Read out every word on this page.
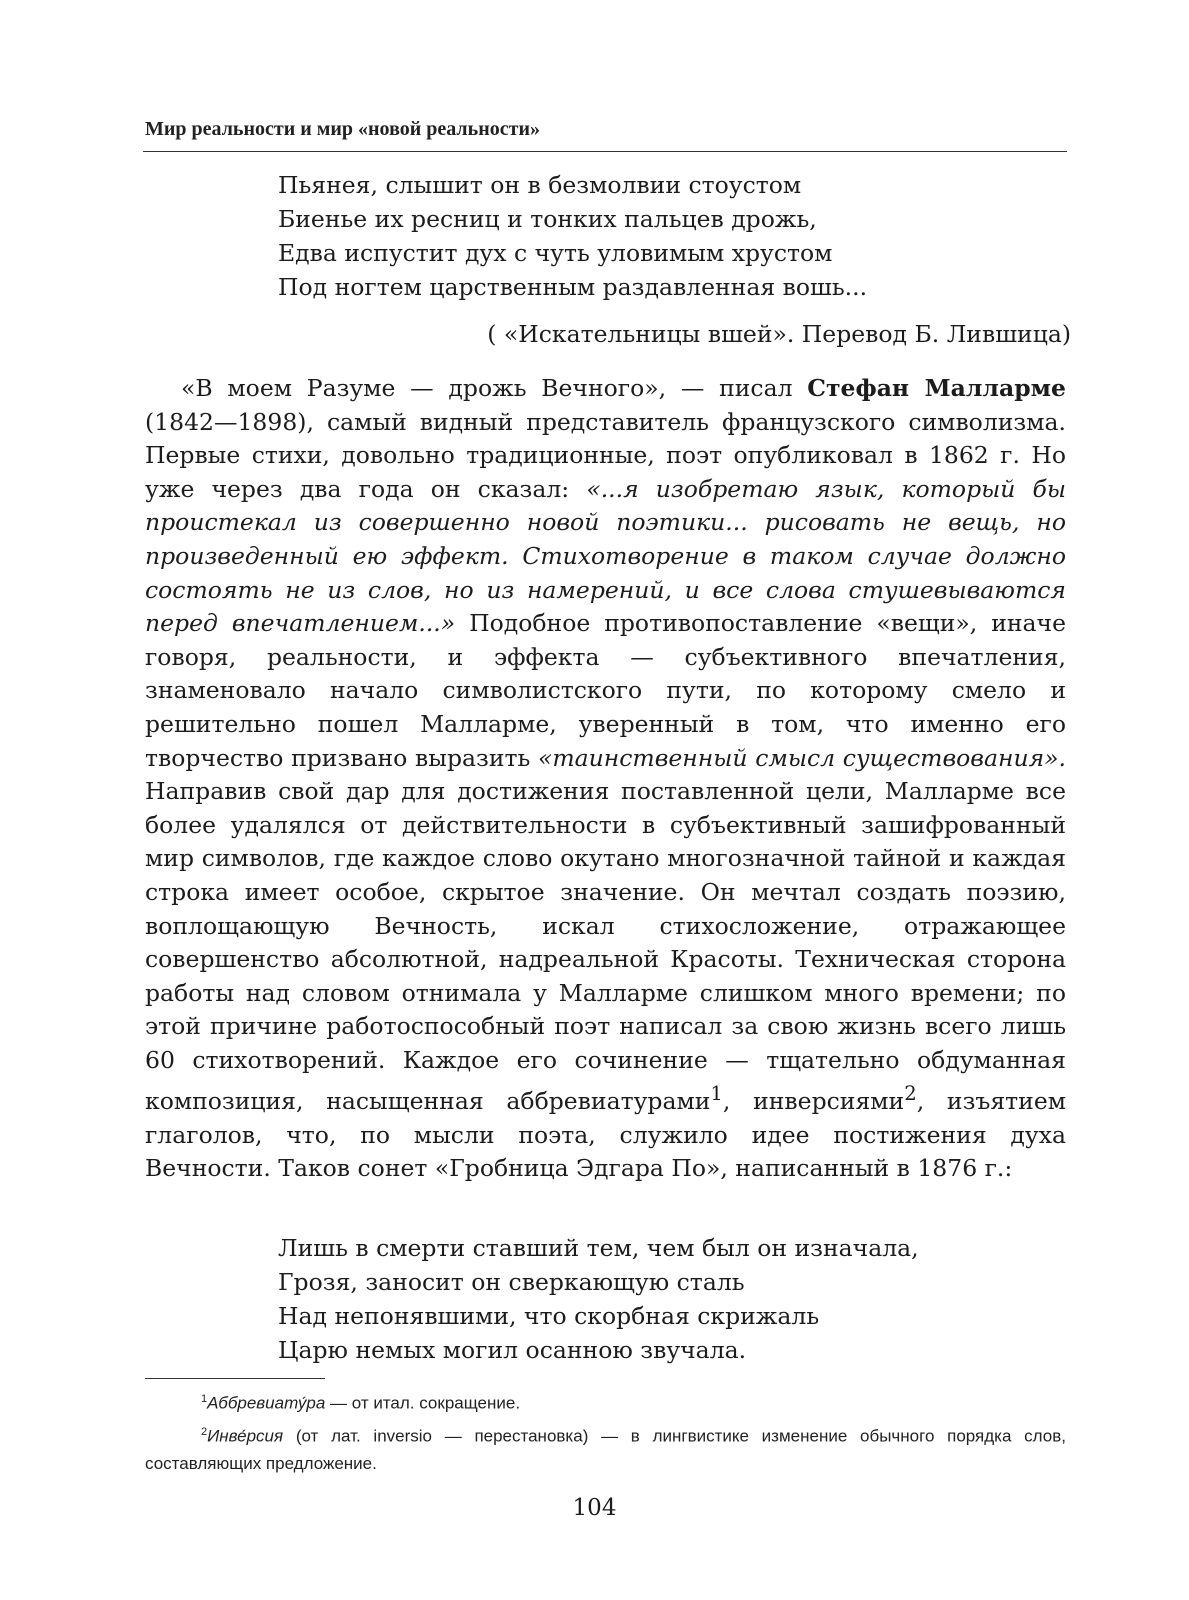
Мир реальности и мир «новой реальности»
Пьянея, слышит он в безмолвии стоустом
Биенье их ресниц и тонких пальцев дрожь,
Едва испустит дух с чуть уловимым хрустом
Под ногтем царственным раздавленная вошь...
( «Искательницы вшей». Перевод Б. Лившица)

«В моем Разуме — дрожь Вечного», — писал Стефан Малларме (1842—1898), самый видный представитель французского символизма. Первые стихи, довольно традиционные, поэт опубликовал в 1862 г. Но уже через два года он сказал: «...я изобретаю язык, который бы проистекал из совершенно новой поэтики... рисовать не вещь, но произведенный ею эффект. Стихотворение в таком случае должно состоять не из слов, но из намерений, и все слова стушевываются перед впечатлением...» Подобное противопоставление «вещи», иначе говоря, реальности, и эффекта — субъективного впечатления, знаменовало начало символистского пути, по которому смело и решительно пошел Малларме, уверенный в том, что именно его творчество призвано выразить «таинственный смысл существования». Направив свой дар для достижения поставленной цели, Малларме все более удалялся от действительности в субъективный зашифрованный мир символов, где каждое слово окутано многозначной тайной и каждая строка имеет особое, скрытое значение. Он мечтал создать поэзию, воплощающую Вечность, искал стихосложение, отражающее совершенство абсолютной, надреальной Красоты. Техническая сторона работы над словом отнимала у Малларме слишком много времени; по этой причине работоспособный поэт написал за свою жизнь всего лишь 60 стихотворений. Каждое его сочинение — тщательно обдуманная композиция, насыщенная аббревиатурами$^1$, инверсиями$^2$, изъятием глаголов, что, по мысли поэта, служило идее постижения духа Вечности. Таков сонет «Гробница Эдгара По», написанный в 1876 г.:

Лишь в смерти ставший тем, чем был он изначала,
Грозя, заносит он сверкающую сталь
Над непонявшими, что скорбная скрижаль
Царю немых могил осанною звучала.

$^1$Аббревиату́ра — от итал. сокращение.

$^2$Инве́рсия (от лат. inversio — перестановка) — в лингвистике изменение обычного порядка слов, составляющих предложение.

104
